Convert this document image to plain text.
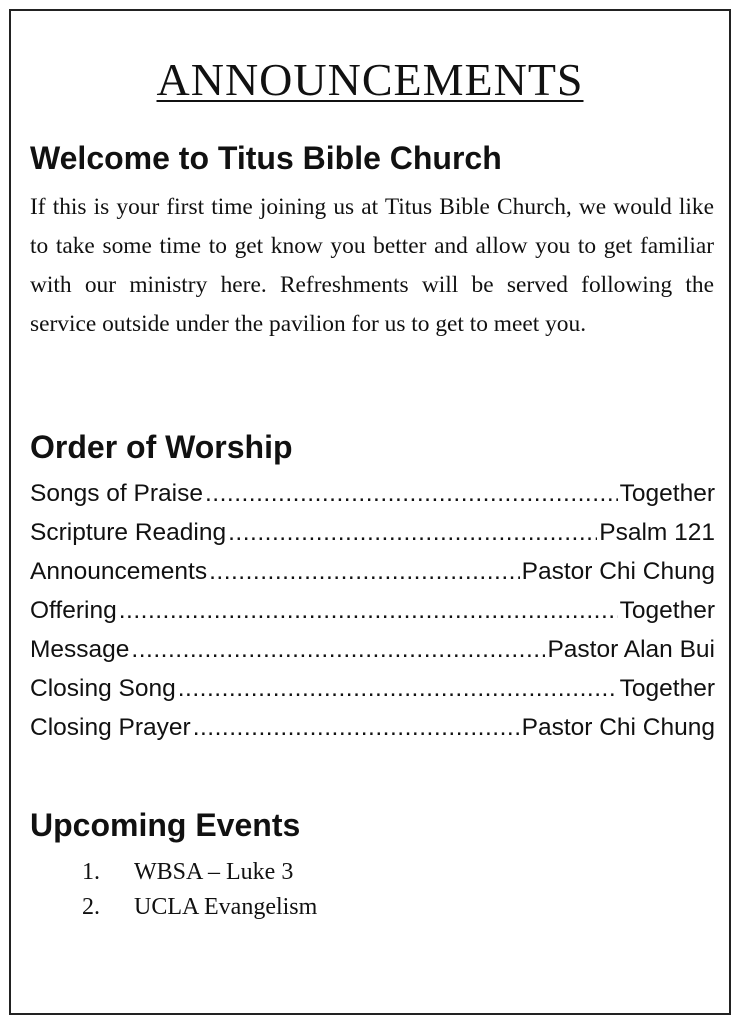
ANNOUNCEMENTS
Welcome to Titus Bible Church

If this is your first time joining us at Titus Bible Church, we would like to take some time to get know you better and allow you to get familiar with our ministry here. Refreshments will be served following the service outside under the pavilion for us to get to meet you.

Order of Worship
Songs of Praise .....	Together
Scripture Reading .....	Psalm 121
Announcements .....	Pastor Chi Chung
Offering .....	Together
Message .....	Pastor Alan Bui
Closing Song .....	Together
Closing Prayer .....	Pastor Chi Chung
Upcoming Events
1.	WBSA – Luke 3
2.	UCLA Evangelism
